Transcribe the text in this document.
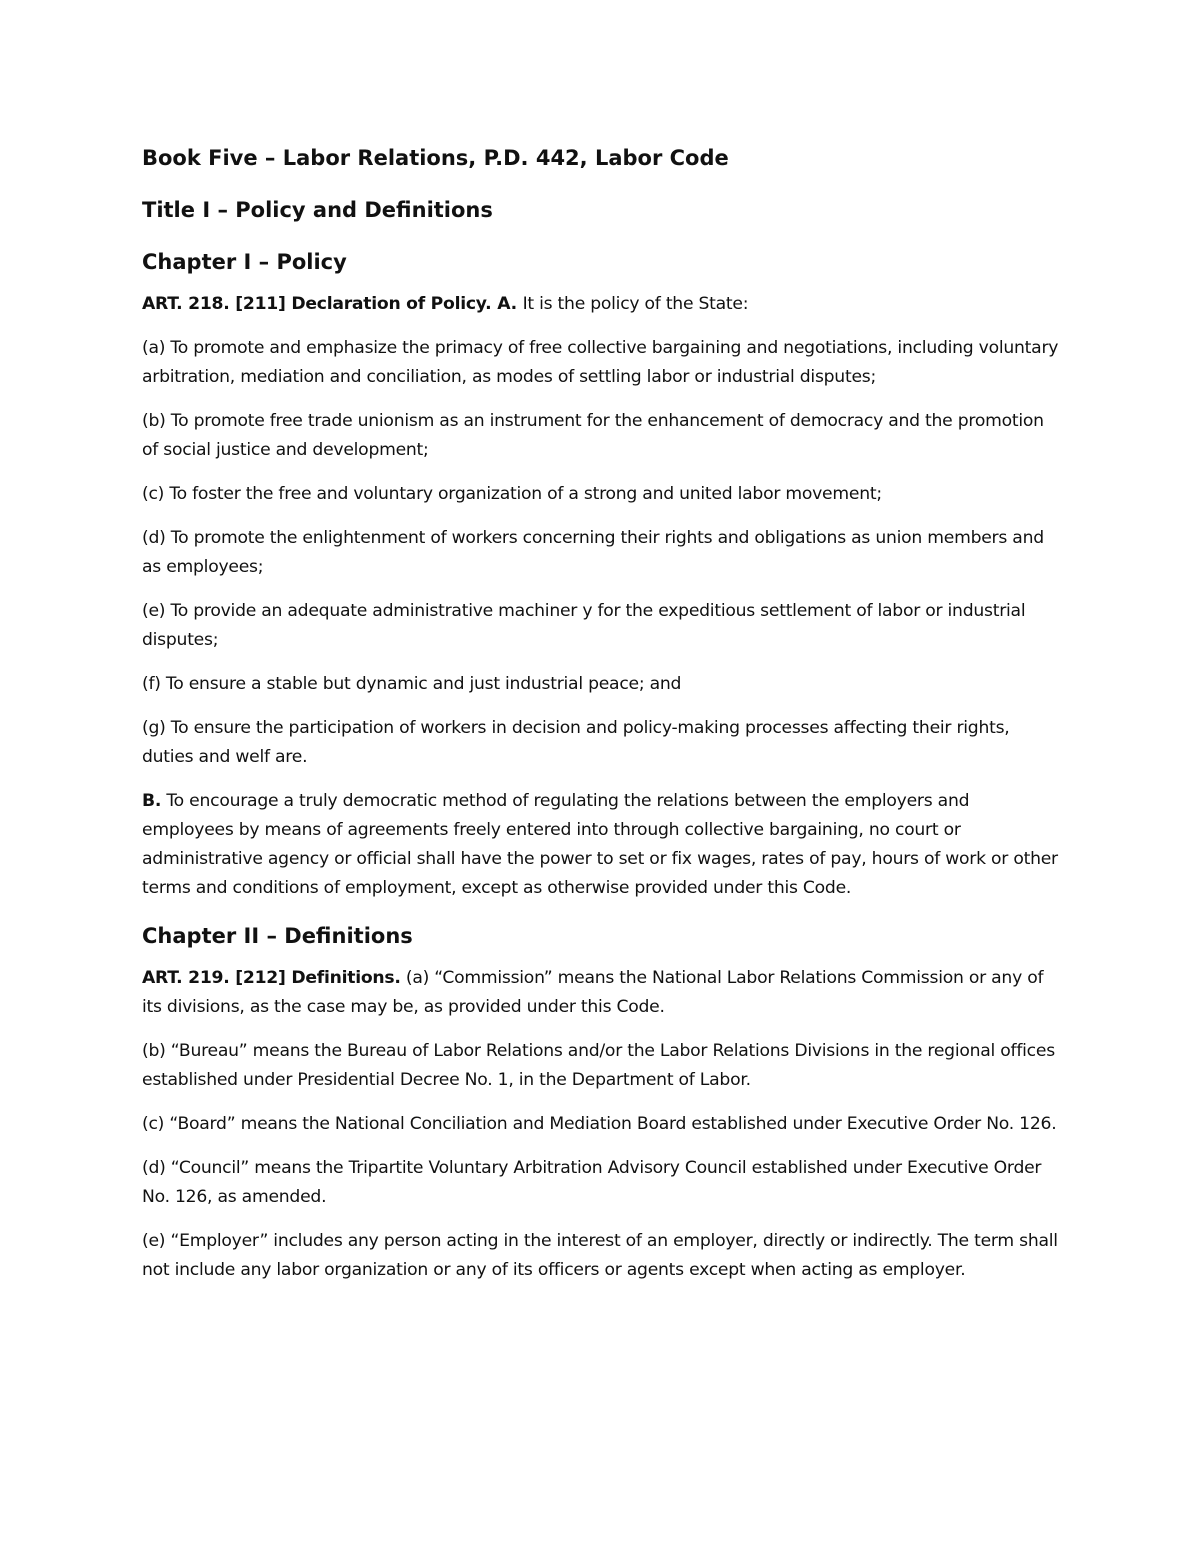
Book Five – Labor Relations, P.D. 442, Labor Code
Title I – Policy and Definitions
Chapter I – Policy

ART. 218. [211] Declaration of Policy. A. It is the policy of the State:

(a) To promote and emphasize the primacy of free collective bargaining and negotiations, including voluntary arbitration, mediation and conciliation, as modes of settling labor or industrial disputes;

(b) To promote free trade unionism as an instrument for the enhancement of democracy and the promotion of social justice and development;

(c) To foster the free and voluntary organization of a strong and united labor movement;

(d) To promote the enlightenment of workers concerning their rights and obligations as union members and as employees;

(e) To provide an adequate administrative machiner y for the expeditious settlement of labor or industrial disputes;

(f) To ensure a stable but dynamic and just industrial peace; and

(g) To ensure the participation of workers in decision and policy-making processes affecting their rights, duties and welf are.

B. To encourage a truly democratic method of regulating the relations between the employers and employees by means of agreements freely entered into through collective bargaining, no court or administrative agency or official shall have the power to set or fix wages, rates of pay, hours of work or other terms and conditions of employment, except as otherwise provided under this Code.

Chapter II – Definitions

ART. 219. [212] Definitions. (a) “Commission” means the National Labor Relations Commission or any of its divisions, as the case may be, as provided under this Code.

(b) “Bureau” means the Bureau of Labor Relations and/or the Labor Relations Divisions in the regional offices established under Presidential Decree No. 1, in the Department of Labor.

(c) “Board” means the National Conciliation and Mediation Board established under Executive Order No. 126.

(d) “Council” means the Tripartite Voluntary Arbitration Advisory Council established under Executive Order No. 126, as amended.

(e) “Employer” includes any person acting in the interest of an employer, directly or indirectly. The term shall not include any labor organization or any of its officers or agents except when acting as employer.
